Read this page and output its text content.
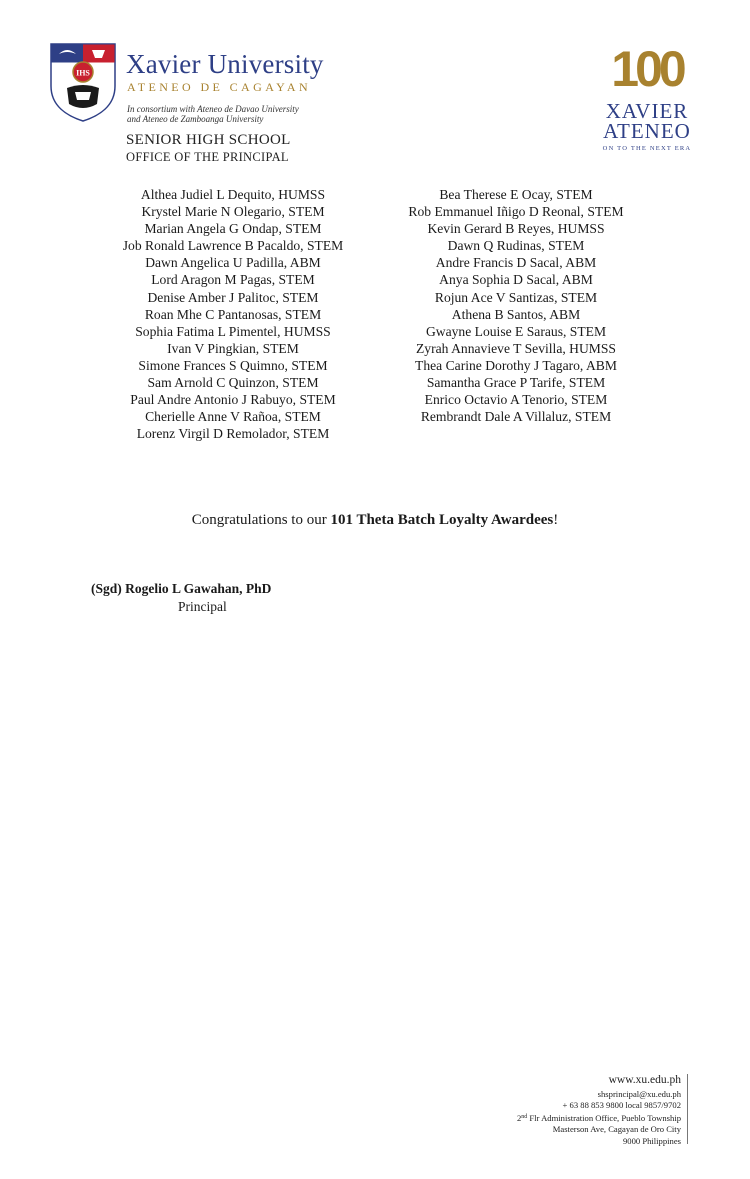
IHS Xavier University
ATENEO DE CAGAYAN
In consortium with Ateneo de Davao University
and Ateneo de Zamboanga University
SENIOR HIGH SCHOOL
OFFICE OF THE PRINCIPAL
100
XAVIER
ATENEO
ON TO THE NEXT ERA
Althea Judiel L Dequito, HUMSS
Krystel Marie N Olegario, STEM
Marian Angela G Ondap, STEM
Job Ronald Lawrence B Pacaldo, STEM
Dawn Angelica U Padilla, ABM
Lord Aragon M Pagas, STEM
Denise Amber J Palitoc, STEM
Roan Mhe C Pantanosas, STEM
Sophia Fatima L Pimentel, HUMSS
Ivan V Pingkian, STEM
Simone Frances S Quimno, STEM
Sam Arnold C Quinzon, STEM
Paul Andre Antonio J Rabuyo, STEM
Cherielle Anne V Rañoa, STEM
Lorenz Virgil D Remolador, STEM
Bea Therese E Ocay, STEM
Rob Emmanuel Iñigo D Reonal, STEM
Kevin Gerard B Reyes, HUMSS
Dawn Q Rudinas, STEM
Andre Francis D Sacal, ABM
Anya Sophia D Sacal, ABM
Rojun Ace V Santizas, STEM
Athena B Santos, ABM
Gwayne Louise E Saraus, STEM
Zyrah Annavieve T Sevilla, HUMSS
Thea Carine Dorothy J Tagaro, ABM
Samantha Grace P Tarife, STEM
Enrico Octavio A Tenorio, STEM
Rembrandt Dale A Villaluz, STEM
Congratulations to our 101 Theta Batch Loyalty Awardees!
(Sgd) Rogelio L Gawahan, PhD
Principal
www.xu.edu.ph
shsprincipal@xu.edu.ph
+ 63 88 853 9800 local 9857/9702
2nd Flr Administration Office, Pueblo Township
Masterson Ave, Cagayan de Oro City
9000 Philippines
